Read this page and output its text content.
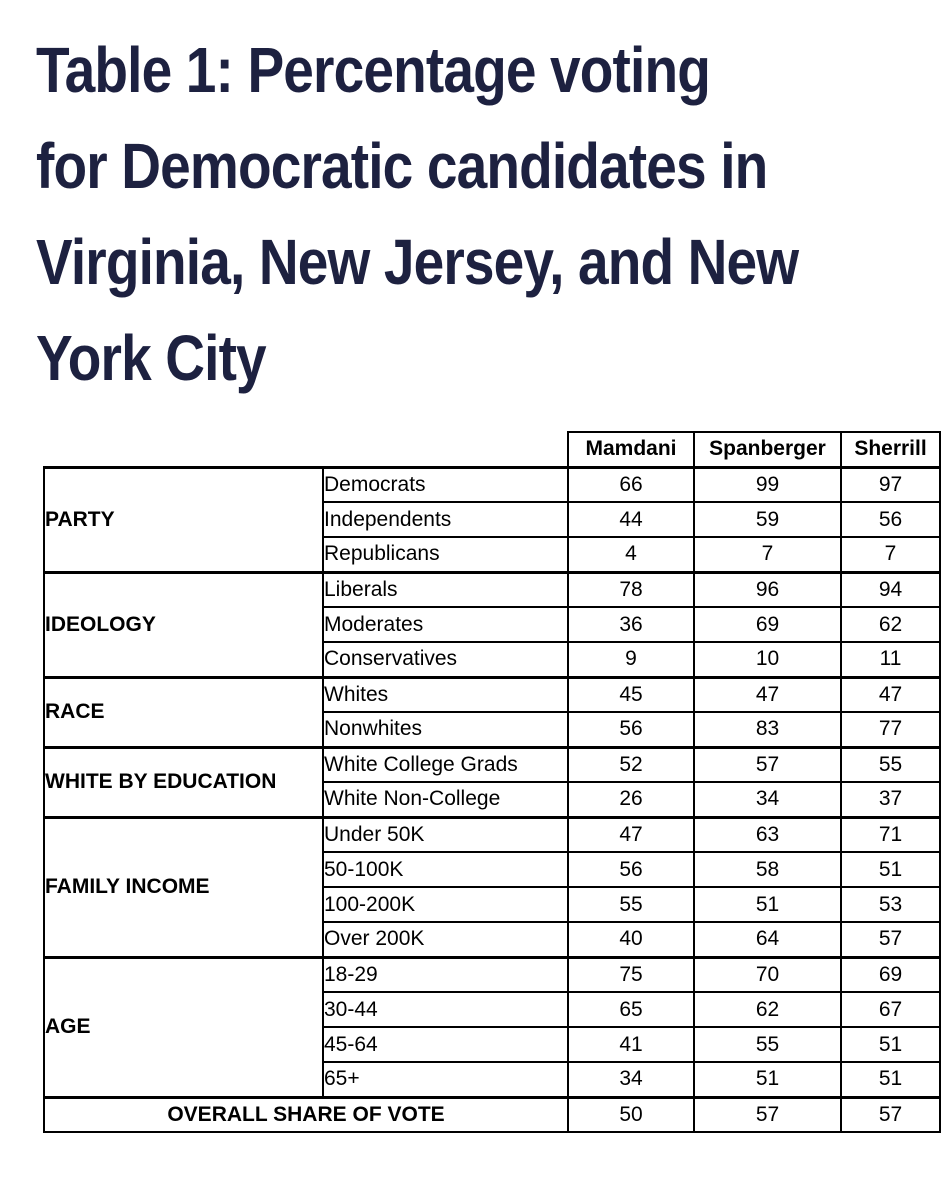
Table 1: Percentage voting
for Democratic candidates in
Virginia, New Jersey, and New
York City
		Mamdani	Spanberger	Sherrill
PARTY	Democrats	66	99	97
	Independents	44	59	56
	Republicans	4	7	7
IDEOLOGY	Liberals	78	96	94
	Moderates	36	69	62
	Conservatives	9	10	11
RACE	Whites	45	47	47
	Nonwhites	56	83	77
WHITE BY EDUCATION	White College Grads	52	57	55
	White Non-College	26	34	37
FAMILY INCOME	Under 50K	47	63	71
	50-100K	56	58	51
	100-200K	55	51	53
	Over 200K	40	64	57
AGE	18-29	75	70	69
	30-44	65	62	67
	45-64	41	55	51
	65+	34	51	51
OVERALL SHARE OF VOTE		50	57	57
